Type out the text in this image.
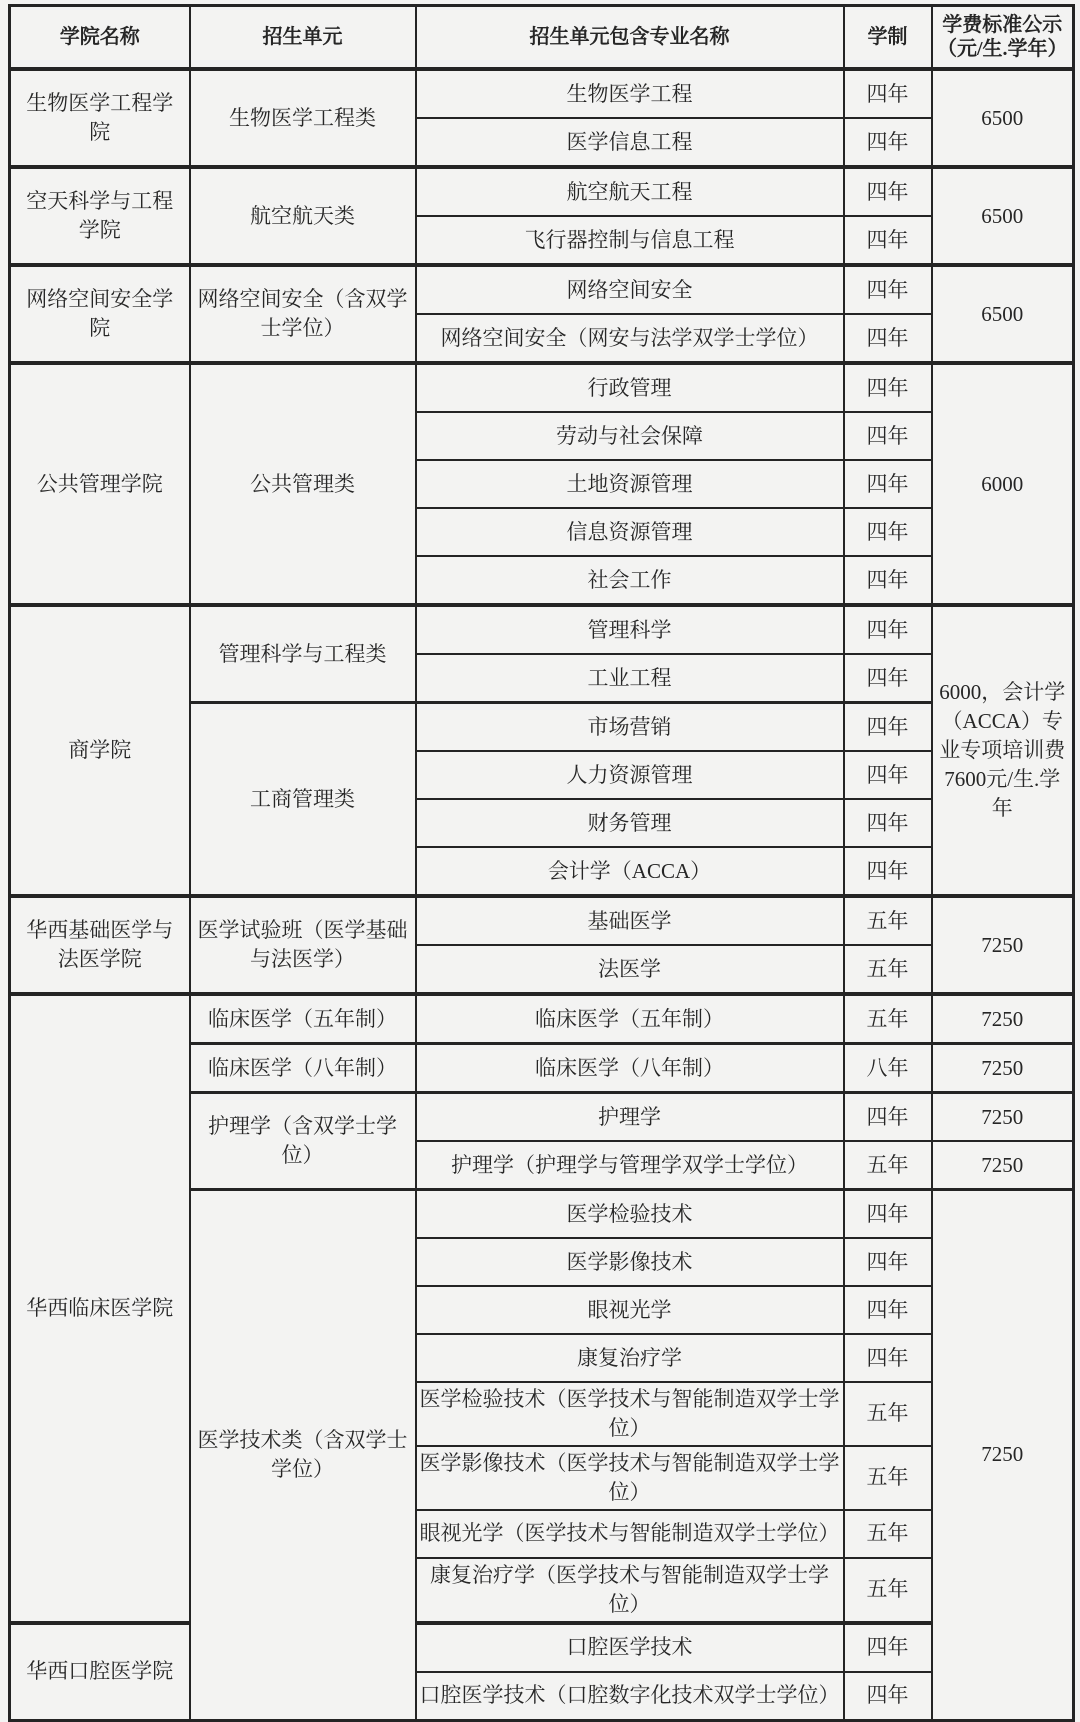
学院名称	招生单元	招生单元包含专业名称	学制	学费标准公示（元/生.学年）
生物医学工程学院	生物医学工程类	生物医学工程	四年	6500
		医学信息工程	四年	
空天科学与工程学院	航空航天类	航空航天工程	四年	6500
		飞行器控制与信息工程	四年	
网络空间安全学院	网络空间安全（含双学士学位）	网络空间安全	四年	6500
		网络空间安全（网安与法学双学士学位）	四年	
公共管理学院	公共管理类	行政管理	四年	6000
		劳动与社会保障	四年	
		土地资源管理	四年	
		信息资源管理	四年	
		社会工作	四年	
商学院	管理科学与工程类	管理科学	四年	6000，会计学（ACCA）专业专项培训费7600元/生.学年
		工业工程	四年	
	工商管理类	市场营销	四年	
		人力资源管理	四年	
		财务管理	四年	
		会计学（ACCA）	四年	
华西基础医学与法医学院	医学试验班（医学基础与法医学）	基础医学	五年	7250
		法医学	五年	
华西临床医学院	临床医学（五年制）	临床医学（五年制）	五年	7250
	临床医学（八年制）	临床医学（八年制）	八年	7250
	护理学（含双学士学位）	护理学	四年	7250
		护理学（护理学与管理学双学士学位）	五年	7250
	医学技术类（含双学士学位）	医学检验技术	四年	7250
		医学影像技术	四年	
		眼视光学	四年	
		康复治疗学	四年	
		医学检验技术（医学技术与智能制造双学士学位）	五年	
		医学影像技术（医学技术与智能制造双学士学位）	五年	
		眼视光学（医学技术与智能制造双学士学位）	五年	
		康复治疗学（医学技术与智能制造双学士学位）	五年	
华西口腔医学院		口腔医学技术	四年	
		口腔医学技术（口腔数字化技术双学士学位）	四年	
